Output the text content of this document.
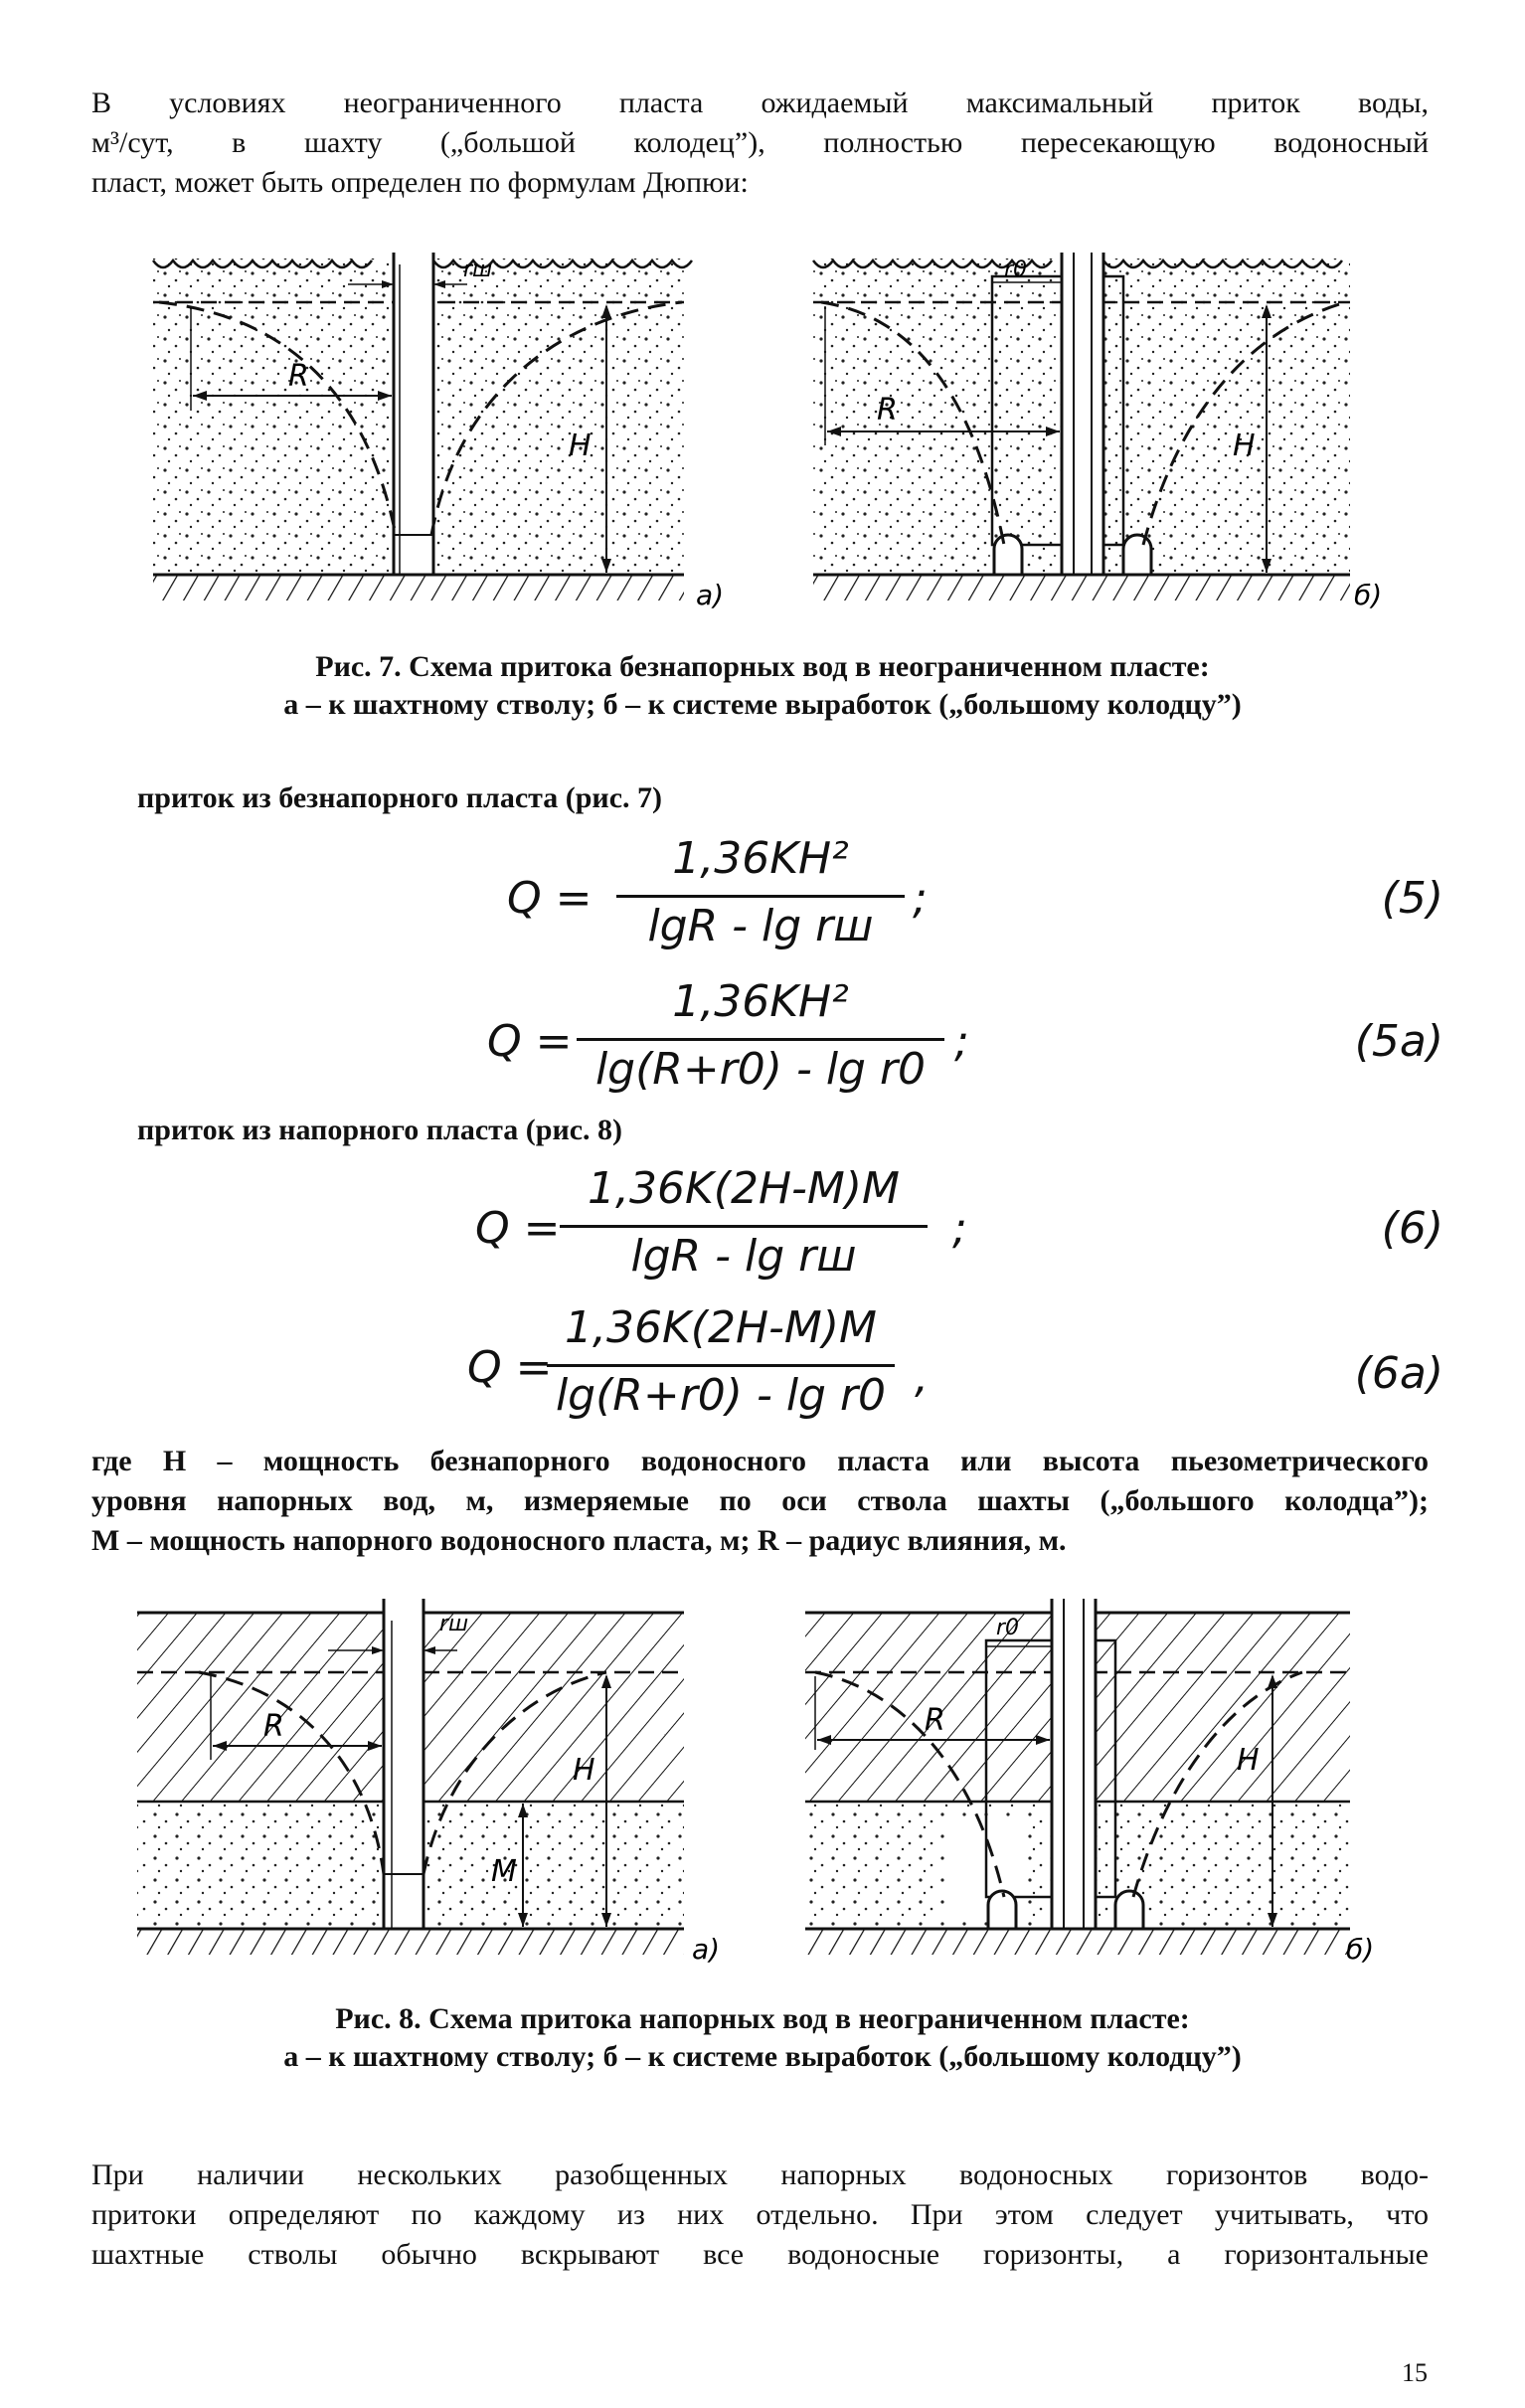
В условиях неограниченного пласта ожидаемый максимальный приток воды,
м³/сут, в шахту („большой колодец”), полностью пересекающую водоносный
пласт, может быть определен по формулам Дюпюи:
R
H
rш
а)
R
H
r0
б)
Рис. 7. Схема притока безнапорных вод в неограниченном пласте:
а – к шахтному стволу; б – к системе выработок („большому колодцу”)
приток из безнапорного пласта (рис. 7)
Q =
1,36KH²
lgR - lg rш
;	(5)
Q =
1,36KH²
lg(R+r0) - lg r0
;	(5а)
приток из напорного пласта (рис. 8)
Q =
1,36K(2H-M)M
lgR - lg rш
;	(6)
Q =
1,36K(2H-M)M
lg(R+r0) - lg r0 ,	(6а)
где H – мощность безнапорного водоносного пласта или высота пьезометрического
уровня напорных вод, м, измеряемые по оси ствола шахты („большого колодца”);
M – мощность напорного водоносного пласта, м; R – радиус влияния, м.
R
H
M
rш
а)
R
H
r0
б)
Рис. 8. Схема притока напорных вод в неограниченном пласте:
а – к шахтному стволу; б – к системе выработок („большому колодцу”)
При наличии нескольких разобщенных напорных водоносных горизонтов водо-
притоки определяют по каждому из них отдельно. При этом следует учитывать, что
шахтные стволы обычно вскрывают все водоносные горизонты, а горизонтальные
15
